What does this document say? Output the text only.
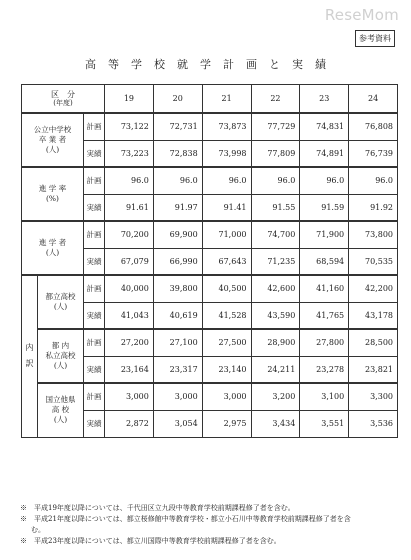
ReseMom
参考資料
高等学校就学計画と実績
区　分
(年度)			19	20	21	22	23	24

公立中学校
卒 業 者
(人)		計画	73,122	72,731	73,873	77,729	74,831	76,808
		実績	73,223	72,838	73,998	77,809	74,891	76,739

進 学 率
(%)		計画	96.0	96.0	96.0	96.0	96.0	96.0
		実績	91.61	91.97	91.41	91.55	91.59	91.92

進 学 者
(人)		計画	70,200	69,900	71,000	74,700	71,900	73,800
		実績	67,079	66,990	67,643	71,235	68,594	70,535

内
訳	都立高校
(人)	計画	40,000	39,800	40,500	42,600	41,160	42,200
		実績	41,043	40,619	41,528	43,590	41,765	43,178

	都 内
私立高校
(人)	計画	27,200	27,100	27,500	28,900	27,800	28,500
		実績	23,164	23,317	23,140	24,211	23,278	23,821

	国立他県
高 校
(人)	計画	3,000	3,000	3,000	3,200	3,100	3,300
		実績	2,872	3,054	2,975	3,434	3,551	3,536
※　平成19年度以降については、千代田区立九段中等教育学校前期課程修了者を含む。
※　平成21年度以降については、都立桜修館中等教育学校・都立小石川中等教育学校前期課程修了者を含
む。
※　平成23年度以降については、都立川国際中等教育学校前期課程修了者を含む。
